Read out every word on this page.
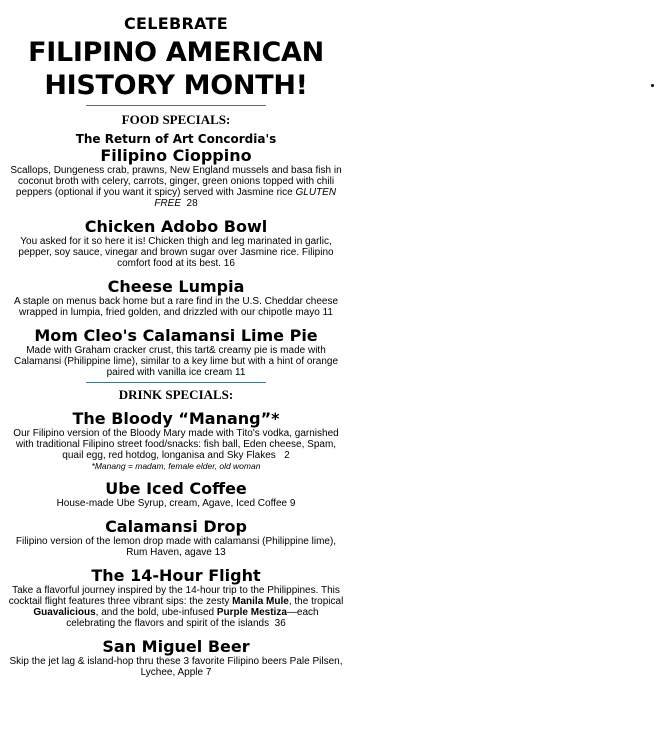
CELEBRATE

FILIPINO AMERICAN

HISTORY MONTH!

FOOD SPECIALS:

The Return of Art Concordia's

Filipino Cioppino

Scallops, Dungeness crab, prawns, New England mussels and basa fish in coconut broth with celery, carrots, ginger, green onions topped with chili peppers (optional if you want it spicy) served with Jasmine rice GLUTEN FREE 28

Chicken Adobo Bowl

You asked for it so here it is! Chicken thigh and leg marinated in garlic, pepper, soy sauce, vinegar and brown sugar over Jasmine rice. Filipino comfort food at its best. 16

Cheese Lumpia

A staple on menus back home but a rare find in the U.S. Cheddar cheese wrapped in lumpia, fried golden, and drizzled with our chipotle mayo 11

Mom Cleo's Calamansi Lime Pie

Made with Graham cracker crust, this tart& creamy pie is made with Calamansi (Philippine lime), similar to a key lime but with a hint of orange paired with vanilla ice cream 11

DRINK SPECIALS:

The Bloody “Manang”*

Our Filipino version of the Bloody Mary made with Tito's vodka, garnished with traditional Filipino street food/snacks: fish ball, Eden cheese, Spam, quail egg, red hotdog, longanisa and Sky Flakes 2

*Manang = madam, female elder, old woman

Ube Iced Coffee

House-made Ube Syrup, cream, Agave, Iced Coffee 9

Calamansi Drop

Filipino version of the lemon drop made with calamansi (Philippine lime), Rum Haven, agave 13

The 14-Hour Flight

Take a flavorful journey inspired by the 14-hour trip to the Philippines. This cocktail flight features three vibrant sips: the zesty Manila Mule, the tropical Guavalicious, and the bold, ube-infused Purple Mestiza—each celebrating the flavors and spirit of the islands 36

San Miguel Beer

Skip the jet lag & island-hop thru these 3 favorite Filipino beers Pale Pilsen, Lychee, Apple 7
